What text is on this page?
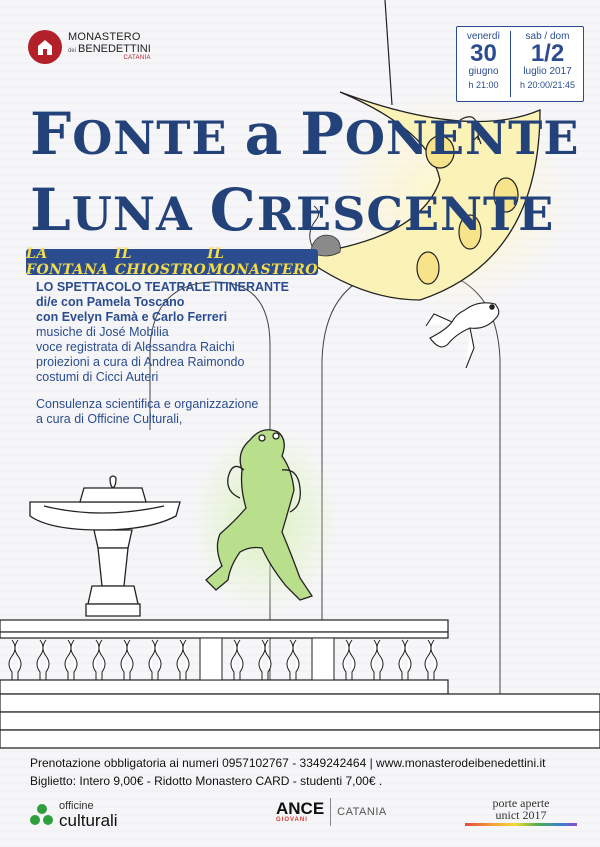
MONASTERO
dei BENEDETTINI
CATANIA
venerdì
30
giugno
h 21:00
sab / dom
1/2
luglio 2017
h 20:00/21:45
FONTE a PONENTE
LUNA CRESCENTE
LA FONTANA
IL CHIOSTRO
IL MONASTERO
LO SPETTACOLO TEATRALE ITINERANTE
di/e con Pamela Toscano
con Evelyn Famà e Carlo Ferreri
musiche di José Mobilia
voce registrata di Alessandra Raichi
proiezioni a cura di Andrea Raimondo
costumi di Cicci Auteri
Consulenza scientifica e organizzazione
a cura di Officine Culturali,
Prenotazione obbligatoria ai numeri 0957102767 - 3349242464 | www.monasterodeibenedettini.it
Biglietto: Intero 9,00€ - Ridotto Monastero CARD - studenti 7,00€ .
officine
culturali
ANCE
GIOVANI
CATANIA
porte aperte
unict 2017
